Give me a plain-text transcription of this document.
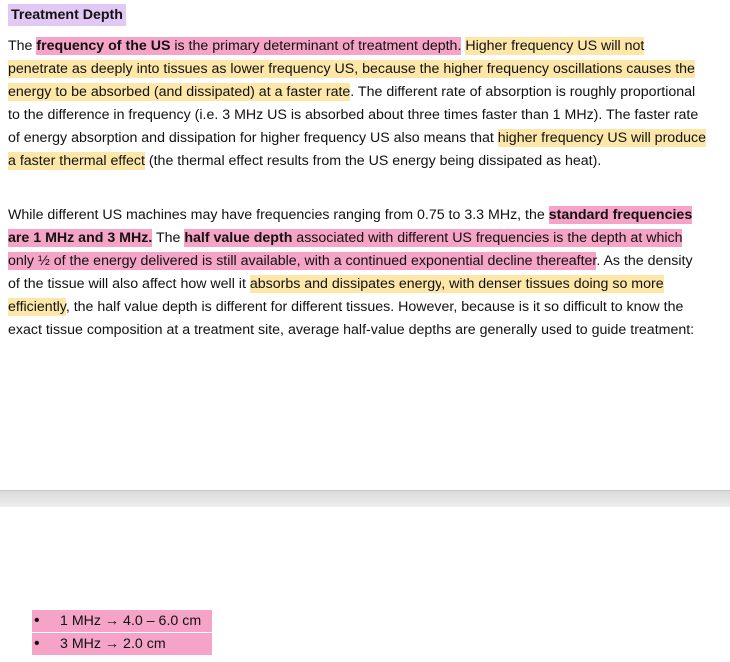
Treatment Depth

The frequency of the US is the primary determinant of treatment depth. Higher frequency US will not penetrate as deeply into tissues as lower frequency US, because the higher frequency oscillations causes the energy to be absorbed (and dissipated) at a faster rate. The different rate of absorption is roughly proportional to the difference in frequency (i.e. 3 MHz US is absorbed about three times faster than 1 MHz). The faster rate of energy absorption and dissipation for higher frequency US also means that higher frequency US will produce a faster thermal effect (the thermal effect results from the US energy being dissipated as heat).

While different US machines may have frequencies ranging from 0.75 to 3.3 MHz, the standard frequencies are 1 MHz and 3 MHz. The half value depth associated with different US frequencies is the depth at which only ½ of the energy delivered is still available, with a continued exponential decline thereafter. As the density of the tissue will also affect how well it absorbs and dissipates energy, with denser tissues doing so more efficiently, the half value depth is different for different tissues. However, because is it so difficult to know the exact tissue composition at a treatment site, average half-value depths are generally used to guide treatment:

•	1 MHz → 4.0 – 6.0 cm
•	3 MHz → 2.0 cm
